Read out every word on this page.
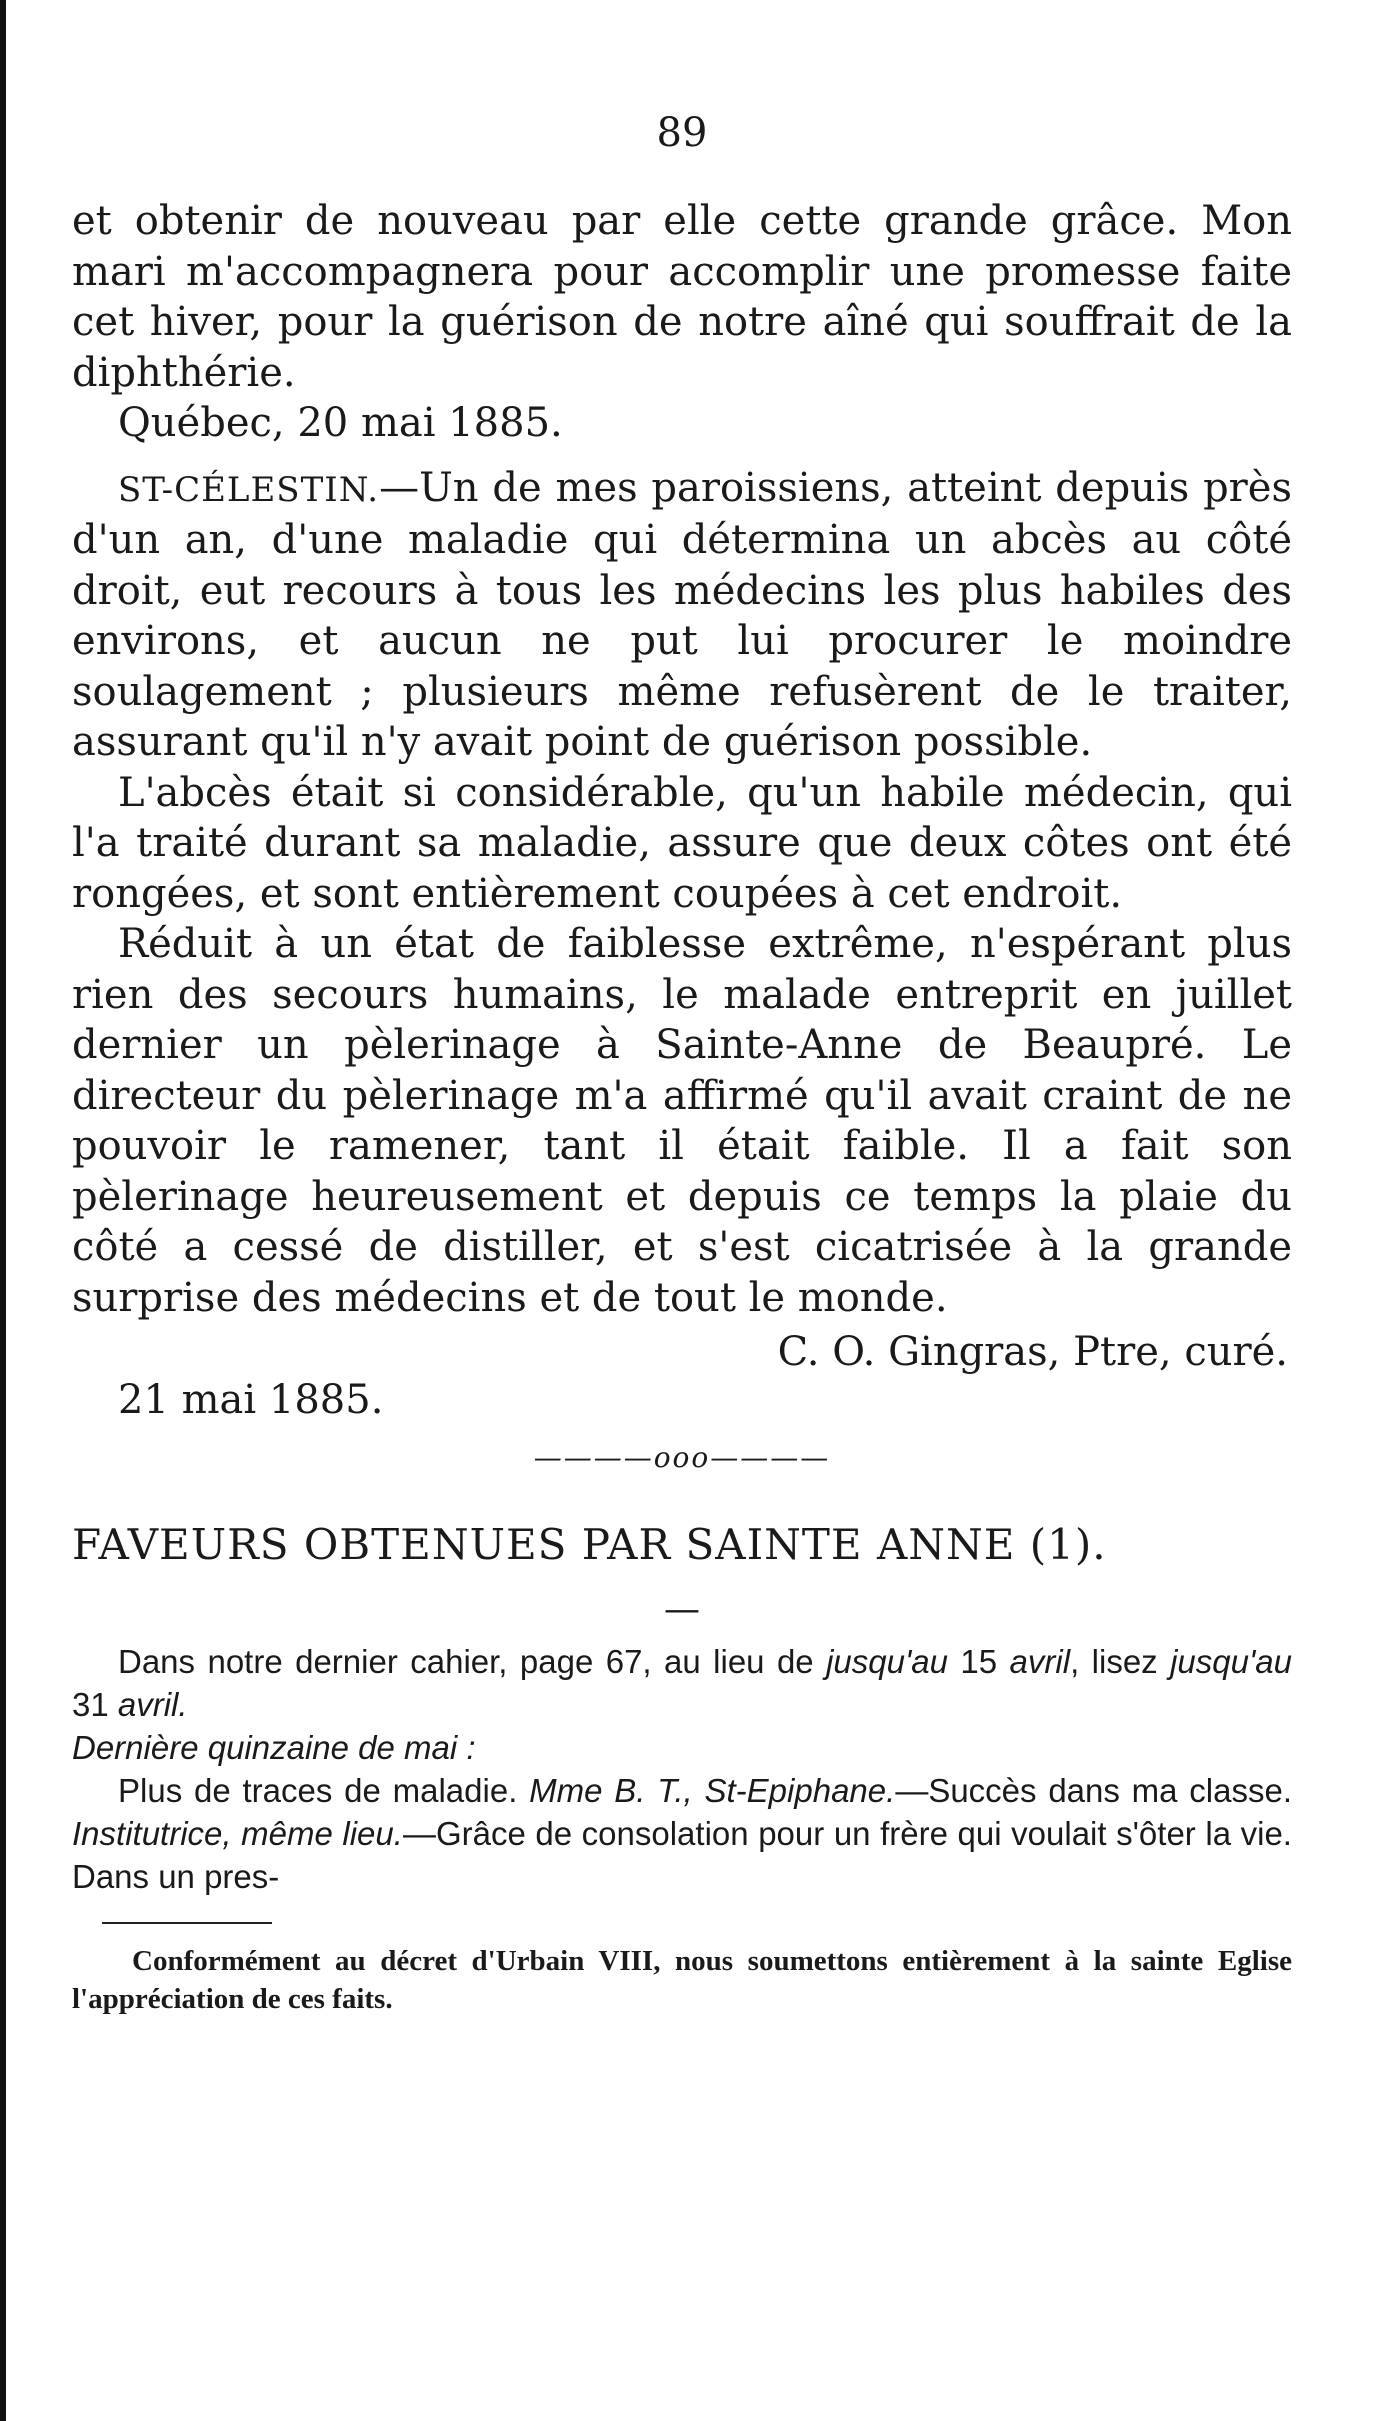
89

et obtenir de nouveau par elle cette grande grâce. Mon mari m'accompagnera pour accomplir une promesse faite cet hiver, pour la guérison de notre aîné qui souffrait de la diphthérie.

Québec, 20 mai 1885.

ST-CÉLESTIN.—Un de mes paroissiens, atteint depuis près d'un an, d'une maladie qui détermina un abcès au côté droit, eut recours à tous les médecins les plus habiles des environs, et aucun ne put lui procurer le moindre soulagement ; plusieurs même refusèrent de le traiter, assurant qu'il n'y avait point de guérison possible.

L'abcès était si considérable, qu'un habile médecin, qui l'a traité durant sa maladie, assure que deux côtes ont été rongées, et sont entièrement coupées à cet endroit.

Réduit à un état de faiblesse extrême, n'espérant plus rien des secours humains, le malade entreprit en juillet dernier un pèlerinage à Sainte-Anne de Beaupré. Le directeur du pèlerinage m'a affirmé qu'il avait craint de ne pouvoir le ramener, tant il était faible. Il a fait son pèlerinage heureusement et depuis ce temps la plaie du côté a cessé de distiller, et s'est cicatrisée à la grande surprise des médecins et de tout le monde.

C. O. Gingras, Ptre, curé.
21 mai 1885.
————ooo————
FAVEURS OBTENUES PAR SAINTE ANNE (1).
—

Dans notre dernier cahier, page 67, au lieu de jusqu'au 15 avril, lisez jusqu'au 31 avril.

Dernière quinzaine de mai :

Plus de traces de maladie. Mme B. T., St-Epiphane.—Succès dans ma classe. Institutrice, même lieu.—Grâce de consolation pour un frère qui voulait s'ôter la vie. Dans un pres-

Conformément au décret d'Urbain VIII, nous soumettons entièrement à la sainte Eglise l'appréciation de ces faits.
